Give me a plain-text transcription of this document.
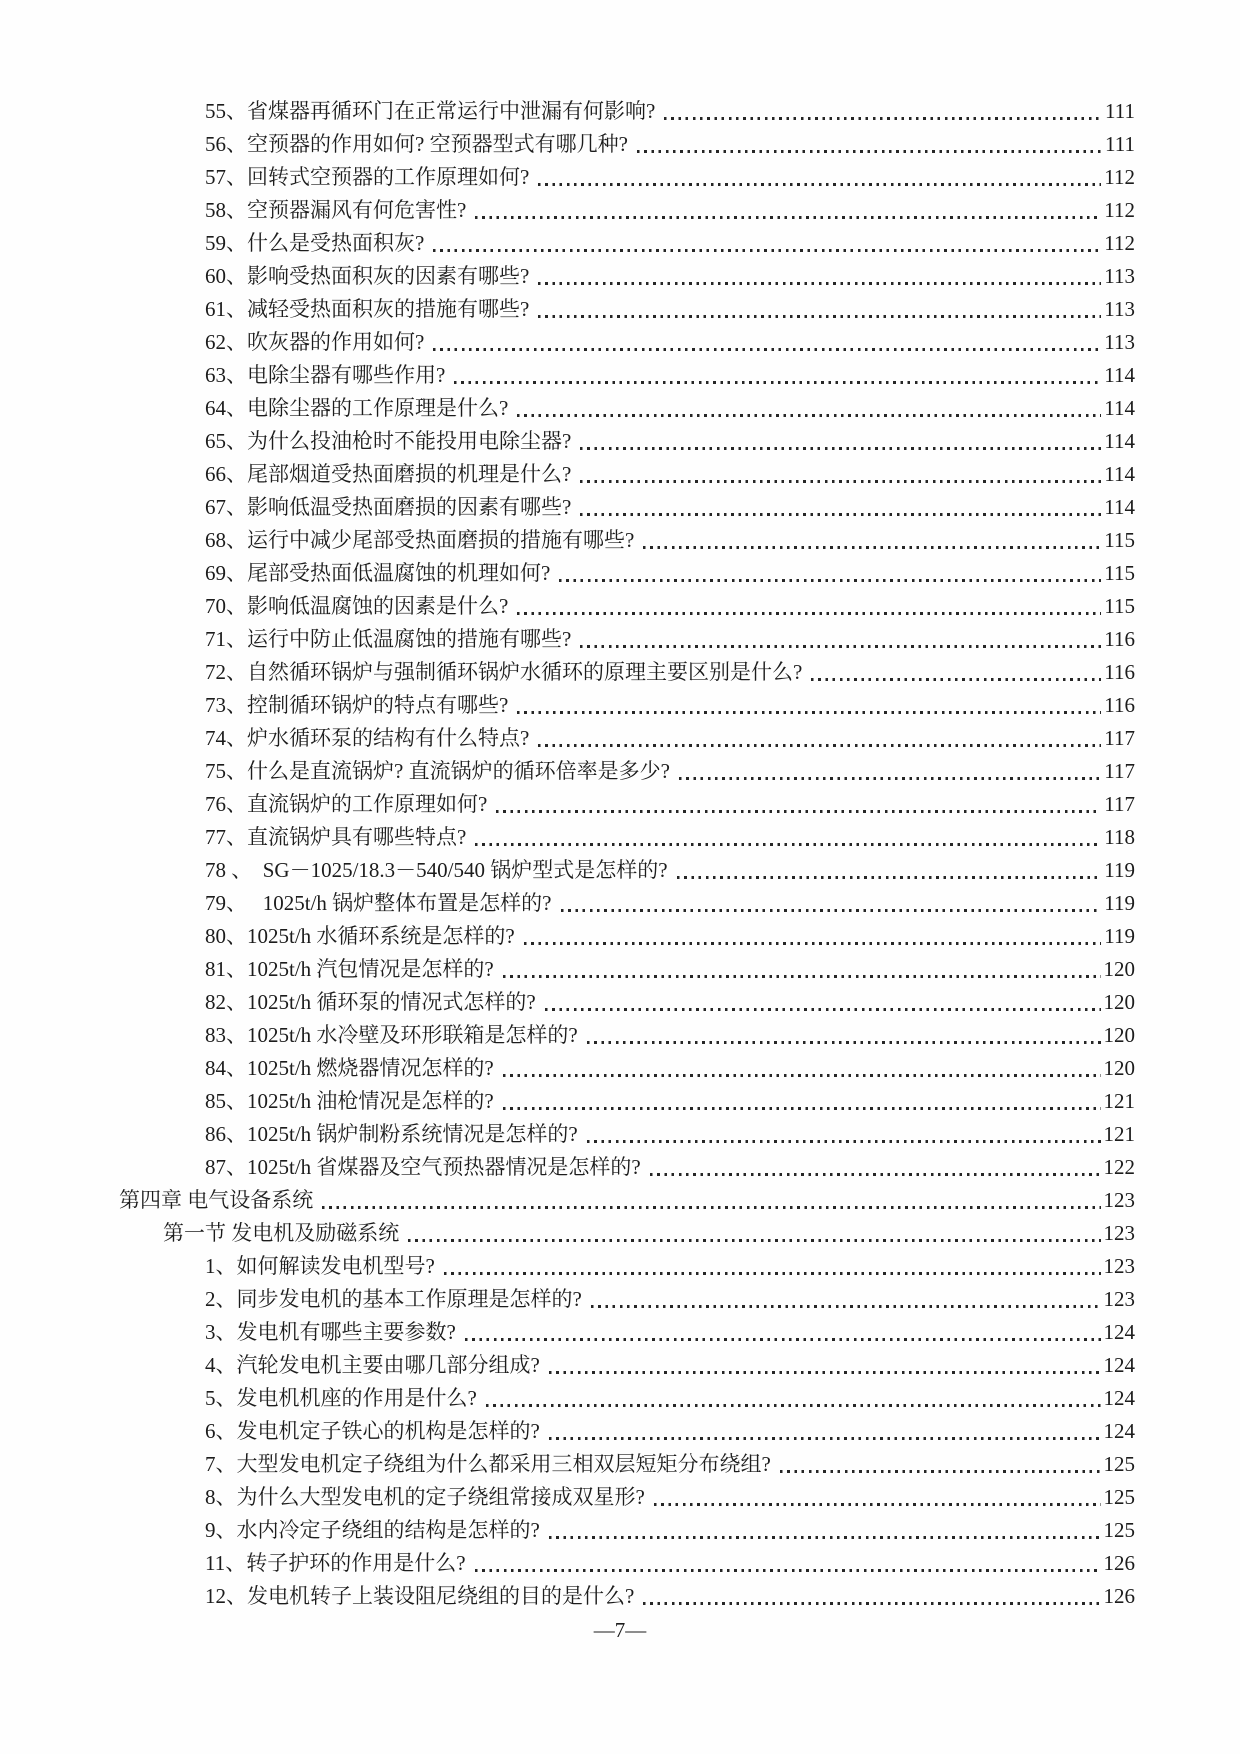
55、省煤器再循环门在正常运行中泄漏有何影响?	111
56、空预器的作用如何? 空预器型式有哪几种?	111
57、回转式空预器的工作原理如何?	112
58、空预器漏风有何危害性?	112
59、什么是受热面积灰?	112
60、影响受热面积灰的因素有哪些?	113
61、减轻受热面积灰的措施有哪些?	113
62、吹灰器的作用如何?	113
63、电除尘器有哪些作用?	114
64、电除尘器的工作原理是什么?	114
65、为什么投油枪时不能投用电除尘器?	114
66、尾部烟道受热面磨损的机理是什么?	114
67、影响低温受热面磨损的因素有哪些?	114
68、运行中减少尾部受热面磨损的措施有哪些?	115
69、尾部受热面低温腐蚀的机理如何?	115
70、影响低温腐蚀的因素是什么?	115
71、运行中防止低温腐蚀的措施有哪些?	116
72、自然循环锅炉与强制循环锅炉水循环的原理主要区别是什么?	116
73、控制循环锅炉的特点有哪些?	116
74、炉水循环泵的结构有什么特点?	117
75、什么是直流锅炉? 直流锅炉的循环倍率是多少?	117
76、直流锅炉的工作原理如何?	117
77、直流锅炉具有哪些特点?	118
78 、  SG－1025/18.3－540/540 锅炉型式是怎样的?	119
79、   1025t/h 锅炉整体布置是怎样的?	119
80、1025t/h 水循环系统是怎样的?	119
81、1025t/h 汽包情况是怎样的?	120
82、1025t/h 循环泵的情况式怎样的?	120
83、1025t/h 水冷壁及环形联箱是怎样的?	120
84、1025t/h 燃烧器情况怎样的?	120
85、1025t/h 油枪情况是怎样的?	121
86、1025t/h 锅炉制粉系统情况是怎样的?	121
87、1025t/h 省煤器及空气预热器情况是怎样的?	122
第四章 电气设备系统	123
第一节 发电机及励磁系统	123
1、如何解读发电机型号?	123
2、同步发电机的基本工作原理是怎样的?	123
3、发电机有哪些主要参数?	124
4、汽轮发电机主要由哪几部分组成?	124
5、发电机机座的作用是什么?	124
6、发电机定子铁心的机构是怎样的?	124
7、大型发电机定子绕组为什么都采用三相双层短矩分布绕组?	125
8、为什么大型发电机的定子绕组常接成双星形?	125
9、水内冷定子绕组的结构是怎样的?	125
11、转子护环的作用是什么?	126
12、发电机转子上装设阻尼绕组的目的是什么?	126
—7—
